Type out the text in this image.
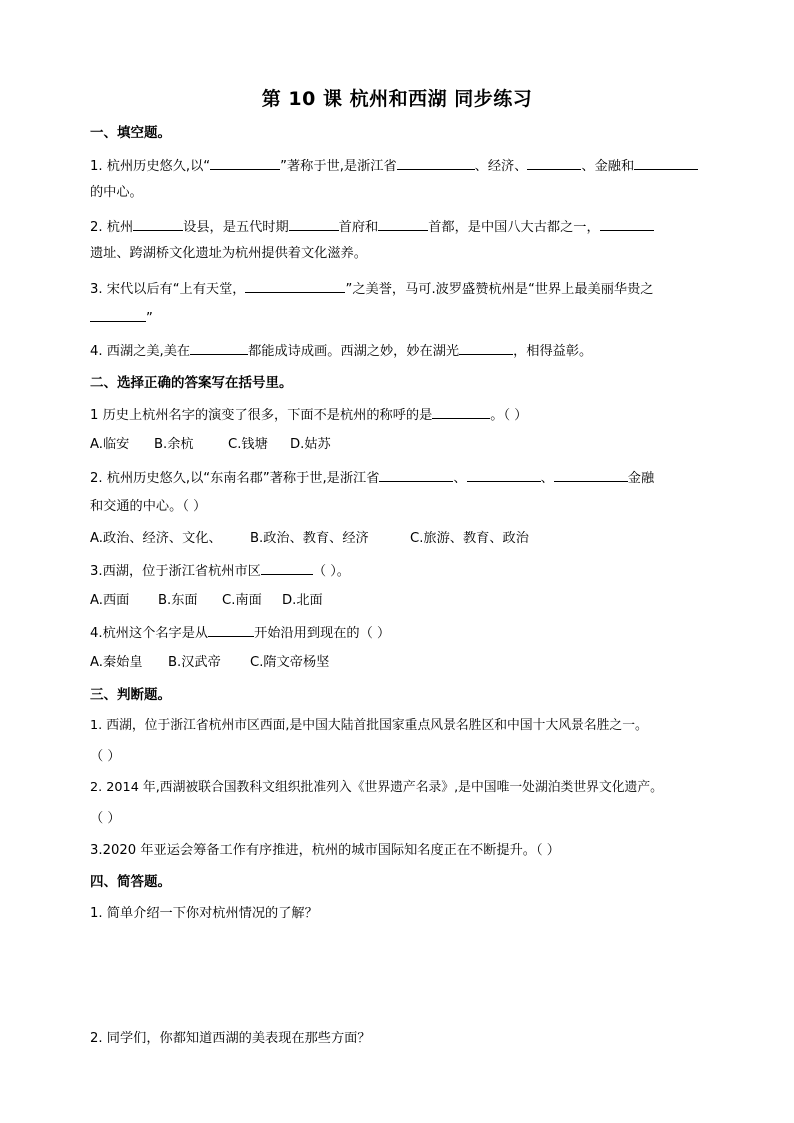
第 10 课 杭州和西湖 同步练习
一、填空题。
1. 杭州历史悠久,以“	”著称于世,是浙江省	、经济、	、金融和
的中心。
2. 杭州	设县，是五代时期	首府和	首都，是中国八大古都之一，
遗址、跨湖桥文化遗址为杭州提供着文化滋养。
3. 宋代以后有“上有天堂，	”之美誉，马可.波罗盛赞杭州是“世界上最美丽华贵之
”
4. 西湖之美,美在	都能成诗成画。西湖之妙，妙在湖光	，相得益彰。
二、选择正确的答案写在括号里。
1 历史上杭州名字的演变了很多，下面不是杭州的称呼的是	。（ ）
A.临安 B.余杭	C.钱塘 D.姑苏
2. 杭州历史悠久,以“东南名郡”著称于世,是浙江省	、	、	金融
和交通的中心。（ ）
A.政治、经济、文化、 B.政治、教育、经济	C.旅游、教育、政治
3.西湖，位于浙江省杭州市区	（ ）。
A.西面 B.东面 C.南面 D.北面
4.杭州这个名字是从	开始沿用到现在的（ ）
A.秦始皇 B.汉武帝 C.隋文帝杨坚
三、判断题。
1. 西湖，位于浙江省杭州市区西面,是中国大陆首批国家重点风景名胜区和中国十大风景名胜之一。
（ ）
2. 2014 年,西湖被联合国教科文组织批准列入《世界遗产名录》,是中国唯一处湖泊类世界文化遗产。
（ ）
3.2020 年亚运会筹备工作有序推进，杭州的城市国际知名度正在不断提升。（ ）
四、简答题。
1. 简单介绍一下你对杭州情况的了解？
2. 同学们，你都知道西湖的美表现在那些方面？
